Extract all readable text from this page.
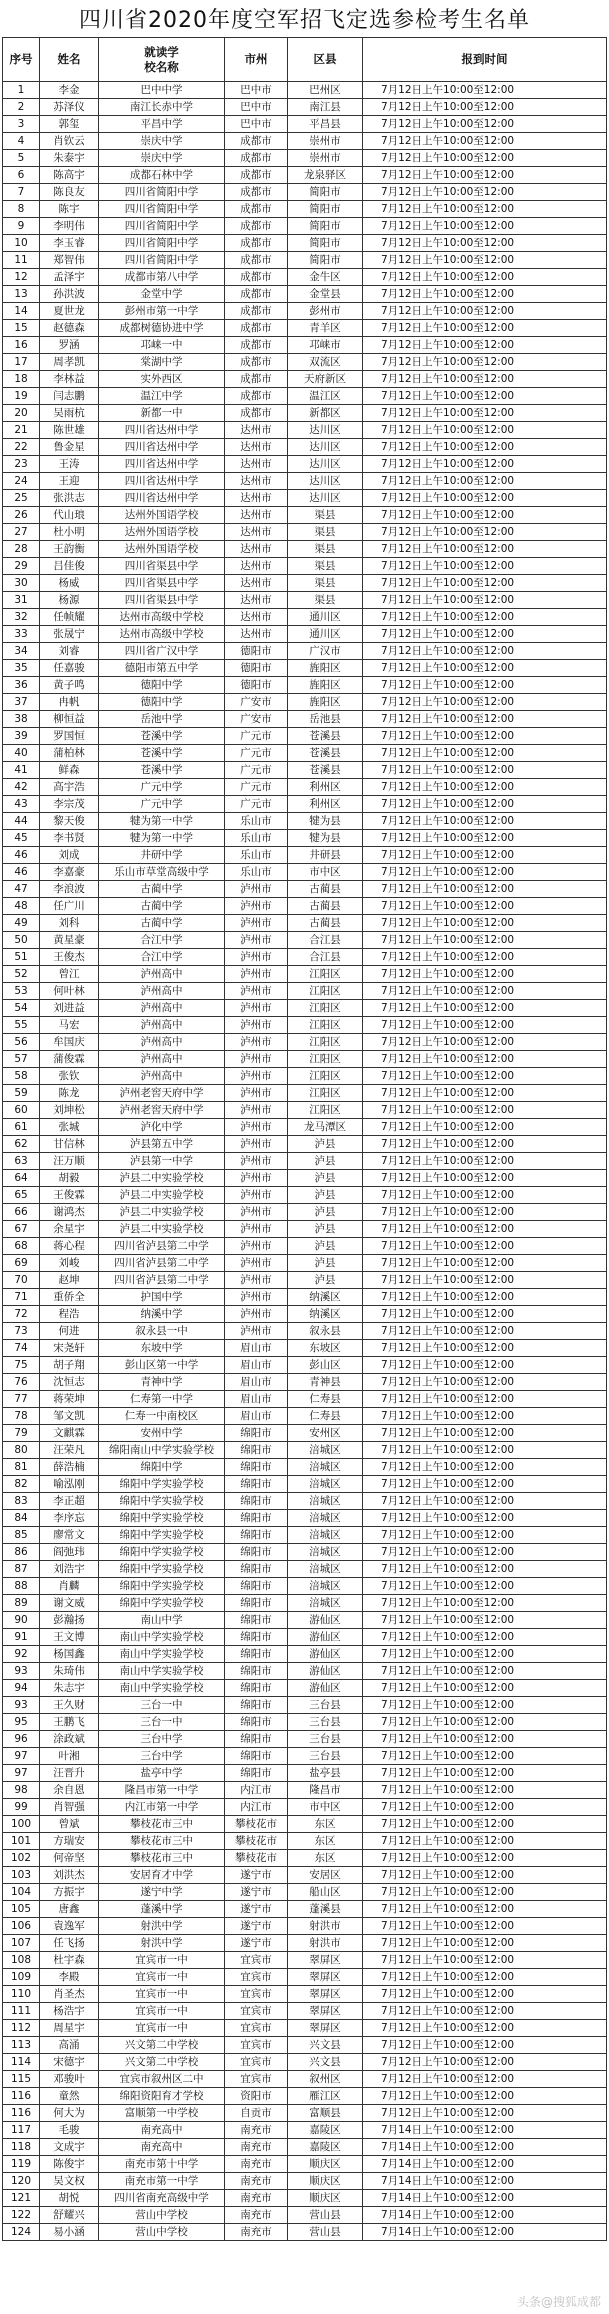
四川省2020年度空军招飞定选参检考生名单
序号	姓名	就读学
校名称	市州	区县	报到时间
1	李金	巴中中学	巴中市	巴州区	7月12日上午10:00至12:00
2	苏泽仪	南江长赤中学	巴中市	南江县	7月12日上午10:00至12:00
3	郭玺	平昌中学	巴中市	平昌县	7月12日上午10:00至12:00
4	肖钦云	崇庆中学	成都市	崇州市	7月12日上午10:00至12:00
5	朱泰宇	崇庆中学	成都市	崇州市	7月12日上午10:00至12:00
6	陈高宇	成都石林中学	成都市	龙泉驿区	7月12日上午10:00至12:00
7	陈良友	四川省简阳中学	成都市	简阳市	7月12日上午10:00至12:00
8	陈宇	四川省简阳中学	成都市	简阳市	7月12日上午10:00至12:00
9	李明伟	四川省简阳中学	成都市	简阳市	7月12日上午10:00至12:00
10	李玉睿	四川省简阳中学	成都市	简阳市	7月12日上午10:00至12:00
11	郑智伟	四川省简阳中学	成都市	简阳市	7月12日上午10:00至12:00
12	孟泽宇	成都市第八中学	成都市	金牛区	7月12日上午10:00至12:00
13	孙洪波	金堂中学	成都市	金堂县	7月12日上午10:00至12:00
14	夏世龙	彭州市第一中学	成都市	彭州市	7月12日上午10:00至12:00
15	赵德森	成都树德协进中学	成都市	青羊区	7月12日上午10:00至12:00
16	罗涵	邛崃一中	成都市	邛崃市	7月12日上午10:00至12:00
17	周孝凯	棠湖中学	成都市	双流区	7月12日上午10:00至12:00
18	李林益	实外西区	成都市	天府新区	7月12日上午10:00至12:00
19	闫志鹏	温江中学	成都市	温江区	7月12日上午10:00至12:00
20	吴雨杭	新都一中	成都市	新都区	7月12日上午10:00至12:00
21	陈世雄	四川省达州中学	达州市	达川区	7月12日上午10:00至12:00
22	鲁金星	四川省达州中学	达州市	达川区	7月12日上午10:00至12:00
23	王涛	四川省达州中学	达州市	达川区	7月12日上午10:00至12:00
24	王迎	四川省达州中学	达州市	达川区	7月12日上午10:00至12:00
25	张洪志	四川省达州中学	达州市	达川区	7月12日上午10:00至12:00
26	代山琅	达州外国语学校	达州市	渠县	7月12日上午10:00至12:00
27	杜小明	达州外国语学校	达州市	渠县	7月12日上午10:00至12:00
28	王韵衡	达州外国语学校	达州市	渠县	7月12日上午10:00至12:00
29	吕佳俊	四川省渠县中学	达州市	渠县	7月12日上午10:00至12:00
30	杨威	四川省渠县中学	达州市	渠县	7月12日上午10:00至12:00
31	杨源	四川省渠县中学	达州市	渠县	7月12日上午10:00至12:00
32	任帧耀	达州市高级中学校	达州市	通川区	7月12日上午10:00至12:00
33	张晟宁	达州市高级中学校	达州市	通川区	7月12日上午10:00至12:00
34	刘睿	四川省广汉中学	德阳市	广汉市	7月12日上午10:00至12:00
35	任嘉骏	德阳市第五中学	德阳市	旌阳区	7月12日上午10:00至12:00
36	黄子鸣	德阳中学	德阳市	旌阳区	7月12日上午10:00至12:00
37	冉帆	德阳中学	广安市	旌阳区	7月12日上午10:00至12:00
38	柳恒益	岳池中学	广安市	岳池县	7月12日上午10:00至12:00
39	罗国恒	苍溪中学	广元市	苍溪县	7月12日上午10:00至12:00
40	蒲柏林	苍溪中学	广元市	苍溪县	7月12日上午10:00至12:00
41	鲜森	苍溪中学	广元市	苍溪县	7月12日上午10:00至12:00
42	高宇浩	广元中学	广元市	利州区	7月12日上午10:00至12:00
43	李宗茂	广元中学	广元市	利州区	7月12日上午10:00至12:00
44	黎天俊	犍为第一中学	乐山市	犍为县	7月12日上午10:00至12:00
45	李书贤	犍为第一中学	乐山市	犍为县	7月12日上午10:00至12:00
46	刘成	井研中学	乐山市	井研县	7月12日上午10:00至12:00
46	李嘉豪	乐山市草堂高级中学	乐山市	市中区	7月12日上午10:00至12:00
47	李浪波	古蔺中学	泸州市	古蔺县	7月12日上午10:00至12:00
48	任广川	古蔺中学	泸州市	古蔺县	7月12日上午10:00至12:00
49	刘科	古蔺中学	泸州市	古蔺县	7月12日上午10:00至12:00
50	黄星豪	合江中学	泸州市	合江县	7月12日上午10:00至12:00
51	王俊杰	合江中学	泸州市	合江县	7月12日上午10:00至12:00
52	曾江	泸州高中	泸州市	江阳区	7月12日上午10:00至12:00
53	何叶林	泸州高中	泸州市	江阳区	7月12日上午10:00至12:00
54	刘进益	泸州高中	泸州市	江阳区	7月12日上午10:00至12:00
55	马宏	泸州高中	泸州市	江阳区	7月12日上午10:00至12:00
56	牟国庆	泸州高中	泸州市	江阳区	7月12日上午10:00至12:00
57	蒲俊霖	泸州高中	泸州市	江阳区	7月12日上午10:00至12:00
58	张钦	泸州高中	泸州市	江阳区	7月12日上午10:00至12:00
59	陈龙	泸州老窖天府中学	泸州市	江阳区	7月12日上午10:00至12:00
60	刘坤松	泸州老窖天府中学	泸州市	江阳区	7月12日上午10:00至12:00
61	张城	泸化中学	泸州市	龙马潭区	7月12日上午10:00至12:00
62	甘信林	泸县第五中学	泸州市	泸县	7月12日上午10:00至12:00
63	汪万顺	泸县第一中学	泸州市	泸县	7月12日上午10:00至12:00
64	胡毅	泸县二中实验学校	泸州市	泸县	7月12日上午10:00至12:00
65	王俊霖	泸县二中实验学校	泸州市	泸县	7月12日上午10:00至12:00
66	谢鸿杰	泸县二中实验学校	泸州市	泸县	7月12日上午10:00至12:00
67	余星宇	泸县二中实验学校	泸州市	泸县	7月12日上午10:00至12:00
68	蒋心程	四川省泸县第二中学	泸州市	泸县	7月12日上午10:00至12:00
69	刘峻	四川省泸县第二中学	泸州市	泸县	7月12日上午10:00至12:00
70	赵坤	四川省泸县第二中学	泸州市	泸县	7月12日上午10:00至12:00
71	重侨全	护国中学	泸州市	纳溪区	7月12日上午10:00至12:00
72	程浩	纳溪中学	泸州市	纳溪区	7月12日上午10:00至12:00
73	何进	叙永县一中	泸州市	叙永县	7月12日上午10:00至12:00
74	宋尧轩	东坡中学	眉山市	东坡区	7月12日上午10:00至12:00
75	胡子翔	彭山区第一中学	眉山市	彭山区	7月12日上午10:00至12:00
76	沈恒志	青神中学	眉山市	青神县	7月12日上午10:00至12:00
77	蒋荣坤	仁寿第一中学	眉山市	仁寿县	7月12日上午10:00至12:00
78	邹文凯	仁寿一中南校区	眉山市	仁寿县	7月12日上午10:00至12:00
79	文麒霖	安州中学	绵阳市	安州区	7月12日上午10:00至12:00
80	汪荣凡	绵阳南山中学实验学校	绵阳市	涪城区	7月12日上午10:00至12:00
81	薛浩楠	绵阳中学	绵阳市	涪城区	7月12日上午10:00至12:00
82	喻泓刚	绵阳中学实验学校	绵阳市	涪城区	7月12日上午10:00至12:00
83	李正超	绵阳中学实验学校	绵阳市	涪城区	7月12日上午10:00至12:00
84	李序忘	绵阳中学实验学校	绵阳市	涪城区	7月12日上午10:00至12:00
85	廖常文	绵阳中学实验学校	绵阳市	涪城区	7月12日上午10:00至12:00
86	阎弛玮	绵阳中学实验学校	绵阳市	涪城区	7月12日上午10:00至12:00
87	刘浩宇	绵阳中学实验学校	绵阳市	涪城区	7月12日上午10:00至12:00
88	肖麟	绵阳中学实验学校	绵阳市	涪城区	7月12日上午10:00至12:00
89	谢文威	绵阳中学实验学校	绵阳市	涪城区	7月12日上午10:00至12:00
90	彭瀚扬	南山中学	绵阳市	游仙区	7月12日上午10:00至12:00
91	王文博	南山中学实验学校	绵阳市	游仙区	7月12日上午10:00至12:00
92	杨国鑫	南山中学实验学校	绵阳市	游仙区	7月12日上午10:00至12:00
93	朱琦伟	南山中学实验学校	绵阳市	游仙区	7月12日上午10:00至12:00
94	朱志宇	南山中学实验学校	绵阳市	游仙区	7月12日上午10:00至12:00
93	王久财	三台一中	绵阳市	三台县	7月12日上午10:00至12:00
95	王鹏飞	三台一中	绵阳市	三台县	7月12日上午10:00至12:00
96	涂政斌	三台中学	绵阳市	三台县	7月12日上午10:00至12:00
97	叶湘	三台中学	绵阳市	三台县	7月12日上午10:00至12:00
97	汪晋升	盐亭中学	绵阳市	盐亭县	7月12日上午10:00至12:00
98	余自恩	隆昌市第一中学	内江市	隆昌市	7月12日上午10:00至12:00
99	肖智强	内江市第一中学	内江市	市中区	7月12日上午10:00至12:00
100	曾斌	攀枝花市三中	攀枝花市	东区	7月12日上午10:00至12:00
101	方瑞安	攀枝花市三中	攀枝花市	东区	7月12日上午10:00至12:00
102	何帝坚	攀枝花市三中	攀枝花市	东区	7月12日上午10:00至12:00
103	刘洪杰	安居育才中学	遂宁市	安居区	7月12日上午10:00至12:00
104	方振宇	遂宁中学	遂宁市	船山区	7月12日上午10:00至12:00
105	唐鑫	蓬溪中学	遂宁市	蓬溪县	7月12日上午10:00至12:00
106	袁逸军	射洪中学	遂宁市	射洪市	7月12日上午10:00至12:00
107	任飞扬	射洪中学	遂宁市	射洪市	7月12日上午10:00至12:00
108	杜宇森	宜宾市一中	宜宾市	翠屏区	7月12日上午10:00至12:00
109	李殿	宜宾市一中	宜宾市	翠屏区	7月12日上午10:00至12:00
110	肖圣杰	宜宾市一中	宜宾市	翠屏区	7月12日上午10:00至12:00
111	杨浩宇	宜宾市一中	宜宾市	翠屏区	7月12日上午10:00至12:00
112	周星宇	宜宾市一中	宜宾市	翠屏区	7月12日上午10:00至12:00
113	高涌	兴文第二中学校	宜宾市	兴文县	7月12日上午10:00至12:00
114	宋德宇	兴文第二中学校	宜宾市	兴文县	7月12日上午10:00至12:00
115	邓骏叶	宜宾市叙州区二中	宜宾市	叙州区	7月12日上午10:00至12:00
116	童然	绵阳资阳育才学校	资阳市	雁江区	7月12日上午10:00至12:00
116	何大为	富顺第一中学校	自贡市	富顺县	7月12日上午10:00至12:00
117	毛骏	南充高中	南充市	嘉陵区	7月14日上午10:00至12:00
118	文成宇	南充高中	南充市	嘉陵区	7月14日上午10:00至12:00
119	陈俊宇	南充市第十中学	南充市	顺庆区	7月14日上午10:00至12:00
120	吴文权	南充市第一中学	南充市	顺庆区	7月14日上午10:00至12:00
121	胡悦	四川省南充高级中学	南充市	顺庆区	7月14日上午10:00至12:00
122	舒耀兴	营山中学校	南充市	营山县	7月14日上午10:00至12:00
124	易小涵	营山中学校	南充市	营山县	7月14日上午10:00至12:00
头条@搜狐成都
